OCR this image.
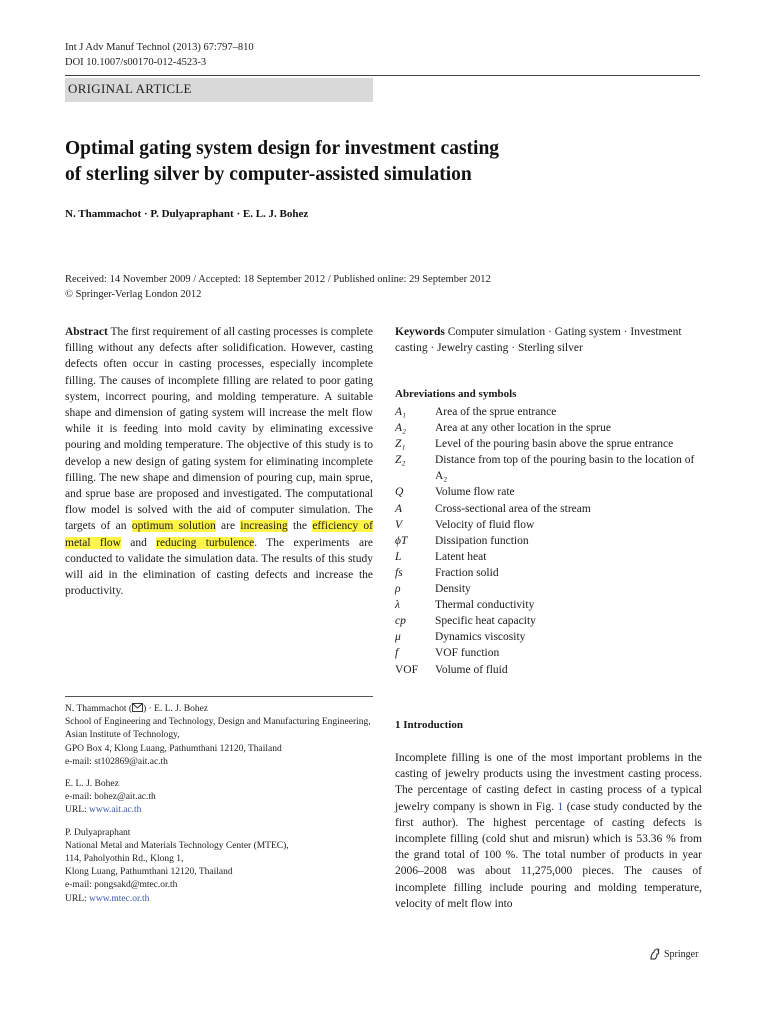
Int J Adv Manuf Technol (2013) 67:797–810
DOI 10.1007/s00170-012-4523-3
ORIGINAL ARTICLE
Optimal gating system design for investment casting
of sterling silver by computer-assisted simulation
N. Thammachot · P. Dulyapraphant · E. L. J. Bohez
Received: 14 November 2009 / Accepted: 18 September 2012 / Published online: 29 September 2012
© Springer-Verlag London 2012

Abstract The first requirement of all casting processes is complete filling without any defects after solidification. However, casting defects often occur in casting processes, especially incomplete filling. The causes of incomplete filling are related to poor gating system, incorrect pouring, and molding temperature. A suitable shape and dimension of gating system will increase the melt flow while it is feeding into mold cavity by eliminating excessive pouring and molding temperature. The objective of this study is to develop a new design of gating system for eliminating incomplete filling. The new shape and dimension of pouring cup, main sprue, and sprue base are proposed and investigated. The computational flow model is solved with the aid of computer simulation. The targets of an optimum solution are increasing the efficiency of metal flow and reducing turbulence. The experiments are conducted to validate the simulation data. The results of this study will aid in the elimination of casting defects and increase the productivity.

N. Thammachot ( ) · E. L. J. Bohez
School of Engineering and Technology, Design and Manufacturing Engineering, Asian Institute of Technology,
GPO Box 4, Klong Luang, Pathumthani 12120, Thailand
e-mail: st102869@ait.ac.th
E. L. J. Bohez
e-mail: bohez@ait.ac.th
URL: www.ait.ac.th
P. Dulyapraphant
National Metal and Materials Technology Center (MTEC),
114, Paholyothin Rd., Klong 1,
Klong Luang, Pathumthani 12120, Thailand
e-mail: pongsakd@mtec.or.th
URL: www.mtec.or.th

Keywords Computer simulation · Gating system · Investment casting · Jewelry casting · Sterling silver

Abreviations and symbols
A₁	Area of the sprue entrance
A₂	Area at any other location in the sprue
Z₁	Level of the pouring basin above the sprue entrance
Z₂	Distance from top of the pouring basin to the location of A₂
Q	Volume flow rate
A	Cross-sectional area of the stream
V	Velocity of fluid flow
ϕT	Dissipation function
L	Latent heat
fs	Fraction solid
ρ	Density
λ	Thermal conductivity
cp	Specific heat capacity
μ	Dynamics viscosity
f	VOF function
VOF	Volume of fluid
1 Introduction

Incomplete filling is one of the most important problems in the casting of jewelry products using the investment casting process. The percentage of casting defect in casting process of a typical jewelry company is shown in Fig. 1 (case study conducted by the first author). The highest percentage of casting defects is incomplete filling (cold shut and misrun) which is 53.36 % from the grand total of 100 %. The total number of products in year 2006–2008 was about 11,275,000 pieces. The causes of incomplete filling include pouring and molding temperature, velocity of melt flow into

Springer
